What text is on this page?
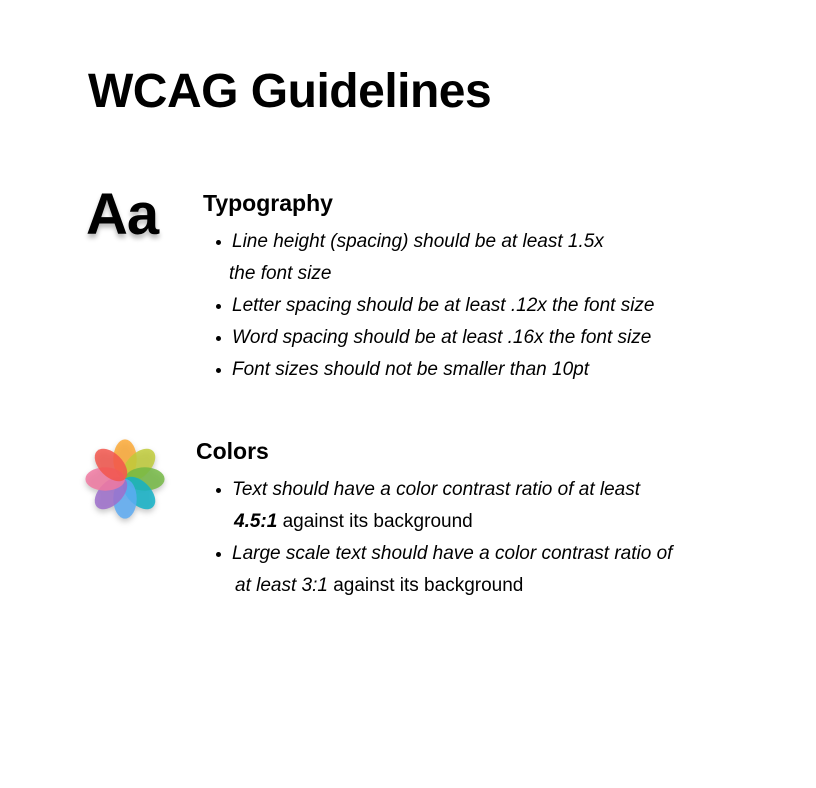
WCAG Guidelines
Aa Typography
Line height (spacing) should be at least 1.5x
the font size
Letter spacing should be at least .12x the font size
Word spacing should be at least .16x the font size
Font sizes should not be smaller than 10pt
Colors
Text should have a color contrast ratio of at least
4.5:1 against its background
Large scale text should have a color contrast ratio of
at least 3:1 against its background
